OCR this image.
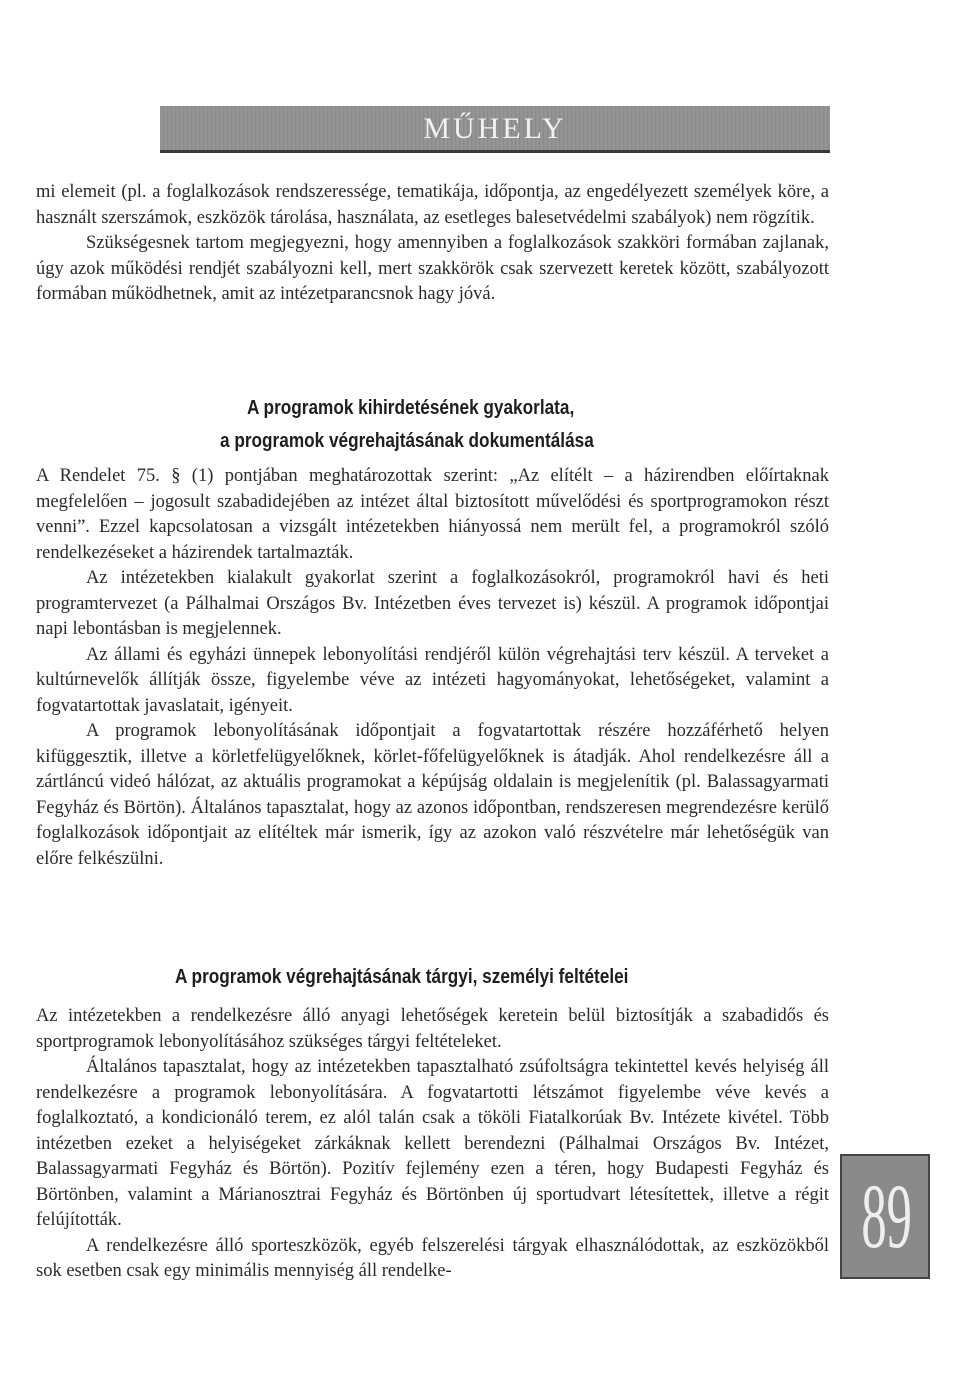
MŰHELY

mi elemeit (pl. a foglalkozások rendszeressége, tematikája, időpontja, az engedélyezett személyek köre, a használt szerszámok, eszközök tárolása, használata, az esetleges balesetvédelmi szabályok) nem rögzítik.

Szükségesnek tartom megjegyezni, hogy amennyiben a foglalkozások szakköri formában zajlanak, úgy azok működési rendjét szabályozni kell, mert szakkörök csak szervezett keretek között, szabályozott formában működhetnek, amit az intézetparancsnok hagy jóvá.

A programok kihirdetésének gyakorlata,
a programok végrehajtásának dokumentálása

A Rendelet 75. § (1) pontjában meghatározottak szerint: „Az elítélt – a házirendben előírtaknak megfelelően – jogosult szabadidejében az intézet által biztosított művelődési és sportprogramokon részt venni”. Ezzel kapcsolatosan a vizsgált intézetekben hiányossá nem merült fel, a programokról szóló rendelkezéseket a házirendek tartalmazták.

Az intézetekben kialakult gyakorlat szerint a foglalkozásokról, programokról havi és heti programtervezet (a Pálhalmai Országos Bv. Intézetben éves tervezet is) készül. A programok időpontjai napi lebontásban is megjelennek.

Az állami és egyházi ünnepek lebonyolítási rendjéről külön végrehajtási terv készül. A terveket a kultúrnevelők állítják össze, figyelembe véve az intézeti hagyományokat, lehetőségeket, valamint a fogvatartottak javaslatait, igényeit.

A programok lebonyolításának időpontjait a fogvatartottak részére hozzáférhető helyen kifüggesztik, illetve a körletfelügyelőknek, körlet-főfelügyelőknek is átadják. Ahol rendelkezésre áll a zártláncú videó hálózat, az aktuális programokat a képújság oldalain is megjelenítik (pl. Balassagyarmati Fegyház és Börtön). Általános tapasztalat, hogy az azonos időpontban, rendszeresen megrendezésre kerülő foglalkozások időpontjait az elítéltek már ismerik, így az azokon való részvételre már lehetőségük van előre felkészülni.

A programok végrehajtásának tárgyi, személyi feltételei

Az intézetekben a rendelkezésre álló anyagi lehetőségek keretein belül biztosítják a szabadidős és sportprogramok lebonyolításához szükséges tárgyi feltételeket.

Általános tapasztalat, hogy az intézetekben tapasztalható zsúfoltságra tekintettel kevés helyiség áll rendelkezésre a programok lebonyolítására. A fogvatartotti létszámot figyelembe véve kevés a foglalkoztató, a kondicionáló terem, ez alól talán csak a tököli Fiatalkorúak Bv. Intézete kivétel. Több intézetben ezeket a helyiségeket zárkáknak kellett berendezni (Pálhalmai Országos Bv. Intézet, Balassagyarmati Fegyház és Börtön). Pozitív fejlemény ezen a téren, hogy Budapesti Fegyház és Börtönben, valamint a Márianosztrai Fegyház és Börtönben új sportudvart létesítettek, illetve a régit felújították.

A rendelkezésre álló sporteszközök, egyéb felszerelési tárgyak elhasználódottak, az eszközökből sok esetben csak egy minimális mennyiség áll rendelke-

89
